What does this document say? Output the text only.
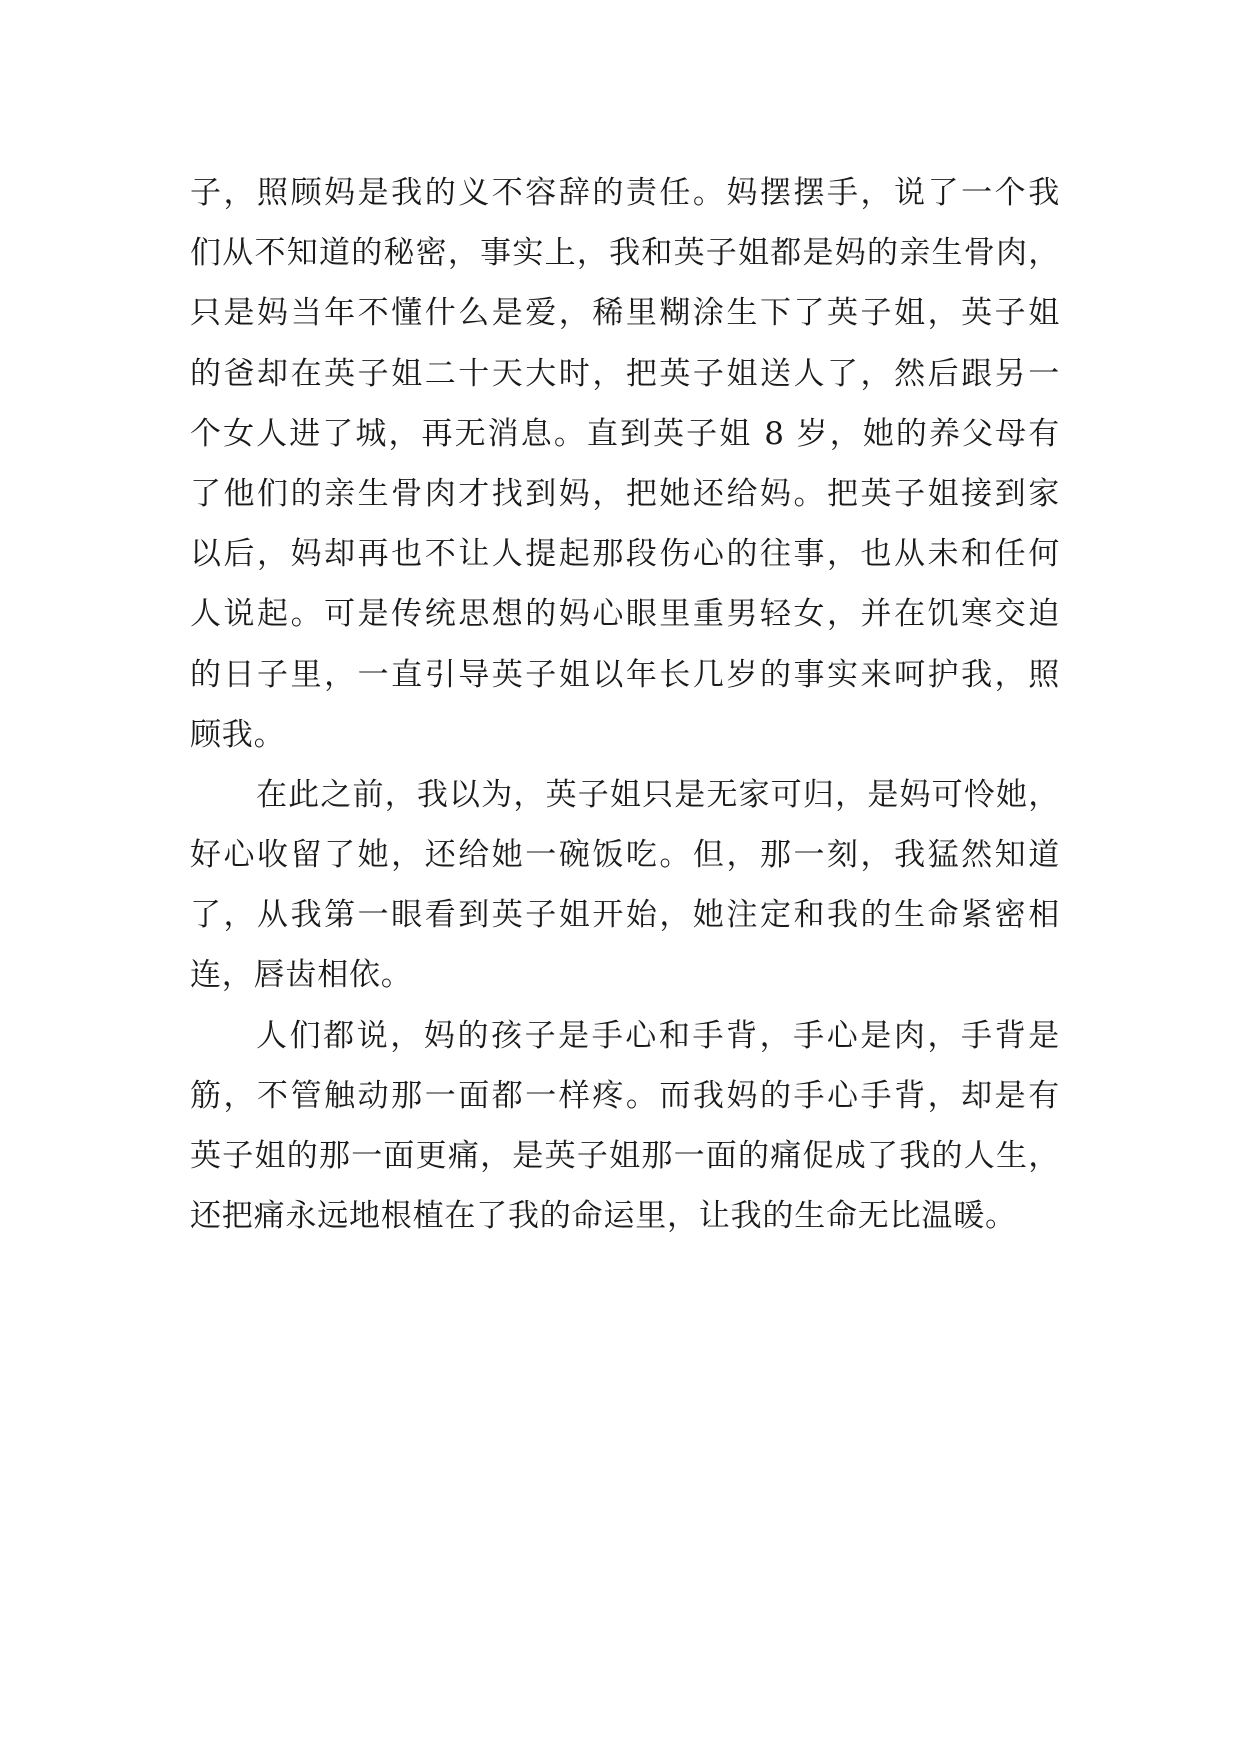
子，照顾妈是我的义不容辞的责任。妈摆摆手，说了一个我
们从不知道的秘密，事实上，我和英子姐都是妈的亲生骨肉，
只是妈当年不懂什么是爱，稀里糊涂生下了英子姐，英子姐
的爸却在英子姐二十天大时，把英子姐送人了，然后跟另一
个女人进了城，再无消息。直到英子姐 8 岁，她的养父母有
了他们的亲生骨肉才找到妈，把她还给妈。把英子姐接到家
以后，妈却再也不让人提起那段伤心的往事，也从未和任何
人说起。可是传统思想的妈心眼里重男轻女，并在饥寒交迫
的日子里，一直引导英子姐以年长几岁的事实来呵护我，照
顾我。
在此之前，我以为，英子姐只是无家可归，是妈可怜她，
好心收留了她，还给她一碗饭吃。但，那一刻，我猛然知道
了，从我第一眼看到英子姐开始，她注定和我的生命紧密相
连，唇齿相依。
人们都说，妈的孩子是手心和手背，手心是肉，手背是
筋，不管触动那一面都一样疼。而我妈的手心手背，却是有
英子姐的那一面更痛，是英子姐那一面的痛促成了我的人生，
还把痛永远地根植在了我的命运里，让我的生命无比温暖。
